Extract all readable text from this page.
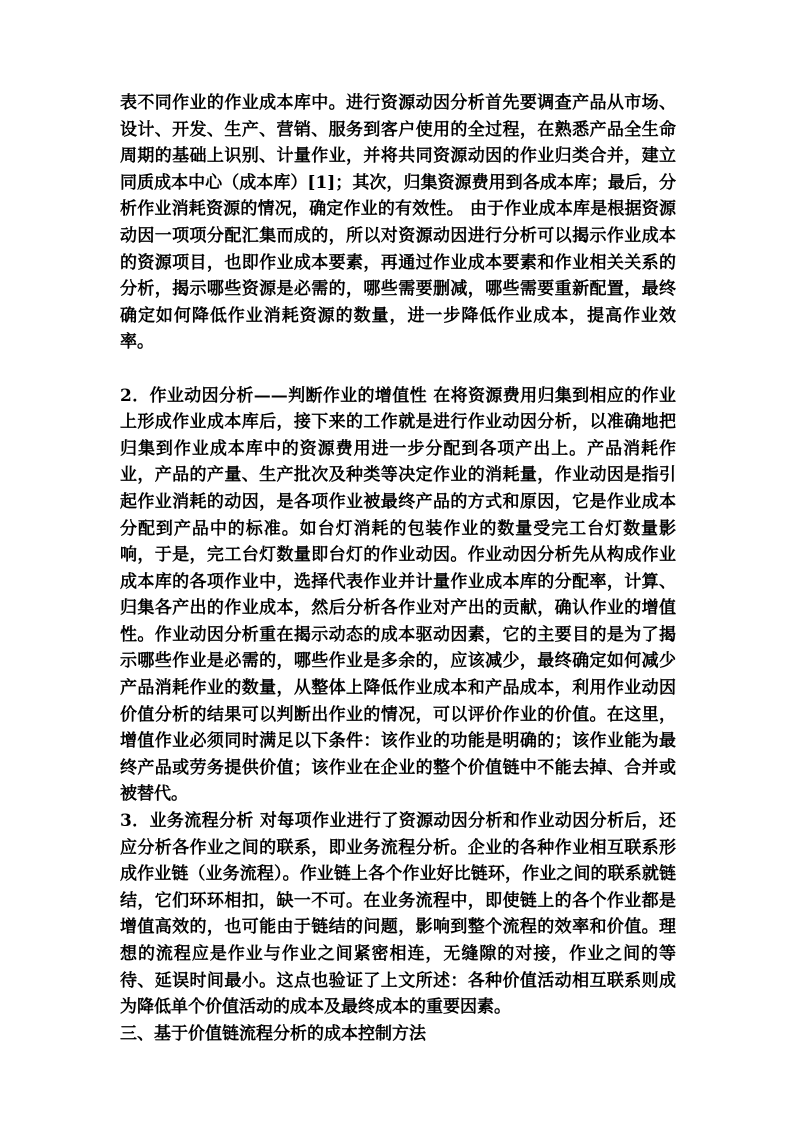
表不同作业的作业成本库中。进行资源动因分析首先要调查产品从市场、设计、开发、生产、营销、服务到客户使用的全过程，在熟悉产品全生命周期的基础上识别、计量作业，并将共同资源动因的作业归类合并，建立同质成本中心（成本库）[1]；其次，归集资源费用到各成本库；最后，分析作业消耗资源的情况，确定作业的有效性。 由于作业成本库是根据资源动因一项项分配汇集而成的，所以对资源动因进行分析可以揭示作业成本的资源项目，也即作业成本要素，再通过作业成本要素和作业相关关系的分析，揭示哪些资源是必需的，哪些需要删减，哪些需要重新配置，最终确定如何降低作业消耗资源的数量，进一步降低作业成本，提高作业效率。

2．作业动因分析——判断作业的增值性 在将资源费用归集到相应的作业上形成作业成本库后，接下来的工作就是进行作业动因分析，以准确地把归集到作业成本库中的资源费用进一步分配到各项产出上。产品消耗作业，产品的产量、生产批次及种类等决定作业的消耗量，作业动因是指引起作业消耗的动因，是各项作业被最终产品的方式和原因，它是作业成本分配到产品中的标准。如台灯消耗的包装作业的数量受完工台灯数量影响，于是，完工台灯数量即台灯的作业动因。作业动因分析先从构成作业成本库的各项作业中，选择代表作业并计量作业成本库的分配率，计算、归集各产出的作业成本，然后分析各作业对产出的贡献，确认作业的增值性。作业动因分析重在揭示动态的成本驱动因素，它的主要目的是为了揭示哪些作业是必需的，哪些作业是多余的，应该减少，最终确定如何减少产品消耗作业的数量，从整体上降低作业成本和产品成本，利用作业动因价值分析的结果可以判断出作业的情况，可以评价作业的价值。在这里，增值作业必须同时满足以下条件：该作业的功能是明确的；该作业能为最终产品或劳务提供价值；该作业在企业的整个价值链中不能去掉、合并或被替代。

3．业务流程分析 对每项作业进行了资源动因分析和作业动因分析后，还应分析各作业之间的联系，即业务流程分析。企业的各种作业相互联系形成作业链（业务流程）。作业链上各个作业好比链环，作业之间的联系就链结，它们环环相扣，缺一不可。在业务流程中，即使链上的各个作业都是增值高效的，也可能由于链结的问题，影响到整个流程的效率和价值。理想的流程应是作业与作业之间紧密相连，无缝隙的对接，作业之间的等待、延误时间最小。这点也验证了上文所述：各种价值活动相互联系则成为降低单个价值活动的成本及最终成本的重要因素。

三、基于价值链流程分析的成本控制方法
